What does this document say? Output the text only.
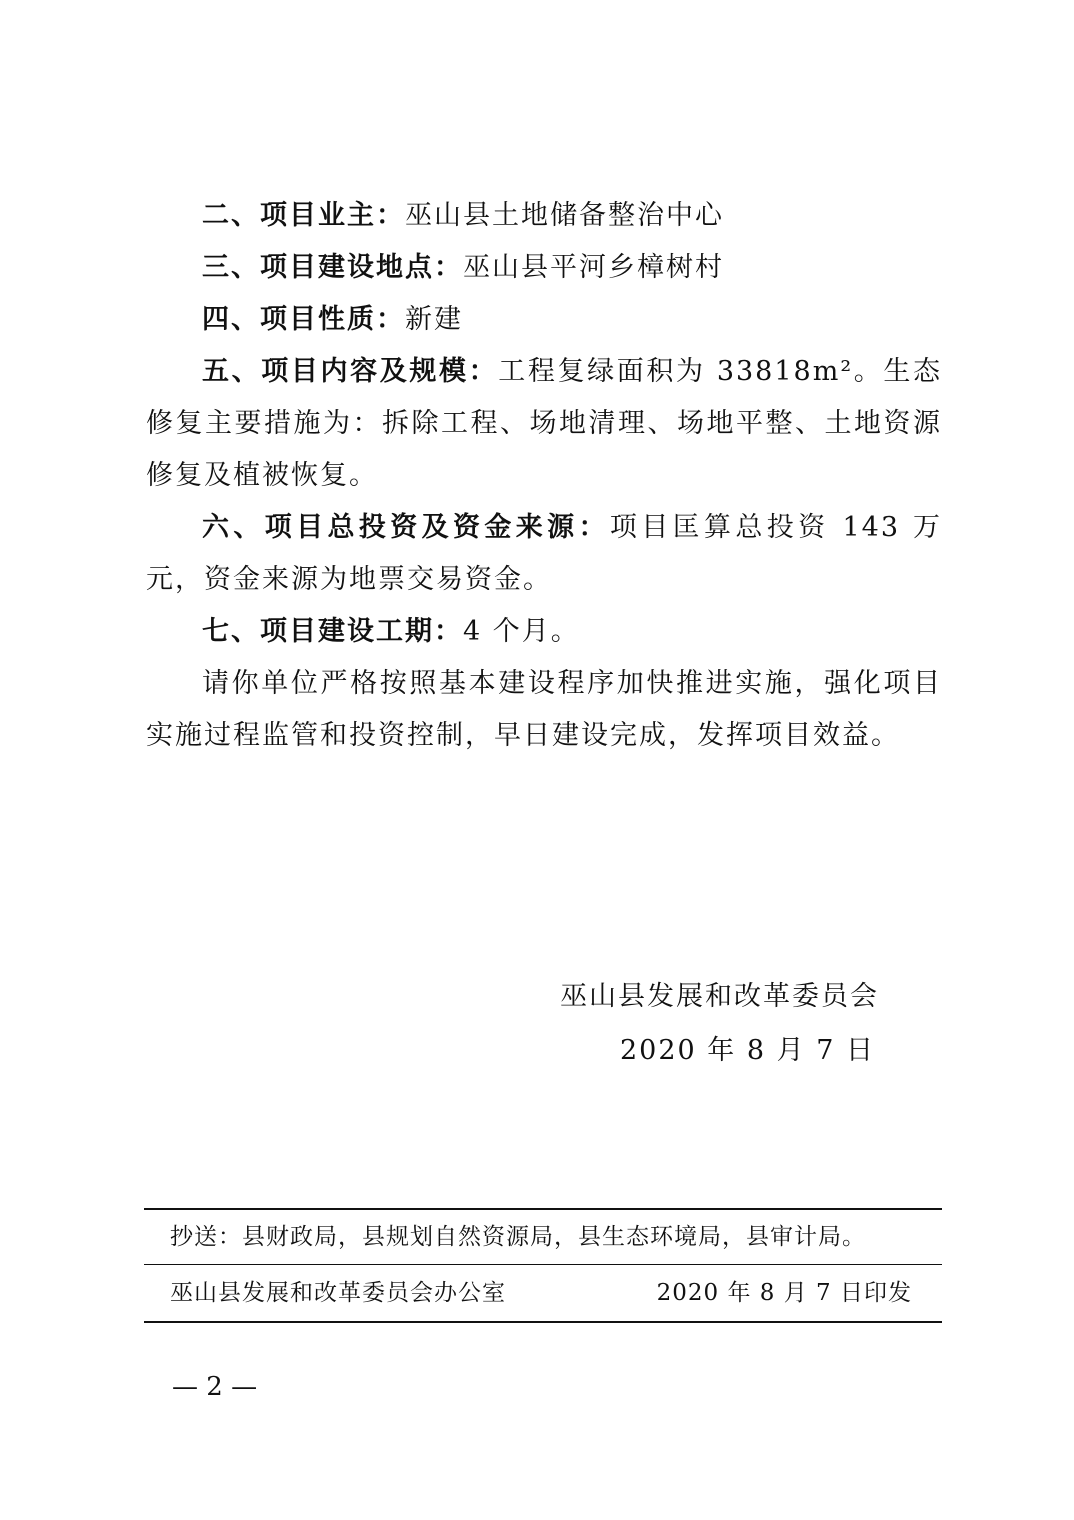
二、项目业主：巫山县土地储备整治中心

三、项目建设地点：巫山县平河乡樟树村

四、项目性质：新建

五、项目内容及规模：工程复绿面积为 33818m²。生态修复主要措施为：拆除工程、场地清理、场地平整、土地资源修复及植被恢复。

六、项目总投资及资金来源：项目匡算总投资 143 万元，资金来源为地票交易资金。

七、项目建设工期：4 个月。

请你单位严格按照基本建设程序加快推进实施，强化项目实施过程监管和投资控制，早日建设完成，发挥项目效益。

巫山县发展和改革委员会
2020 年 8 月 7 日
抄送：县财政局，县规划自然资源局，县生态环境局，县审计局。
巫山县发展和改革委员会办公室	2020 年 8 月 7 日印发
— 2 —
